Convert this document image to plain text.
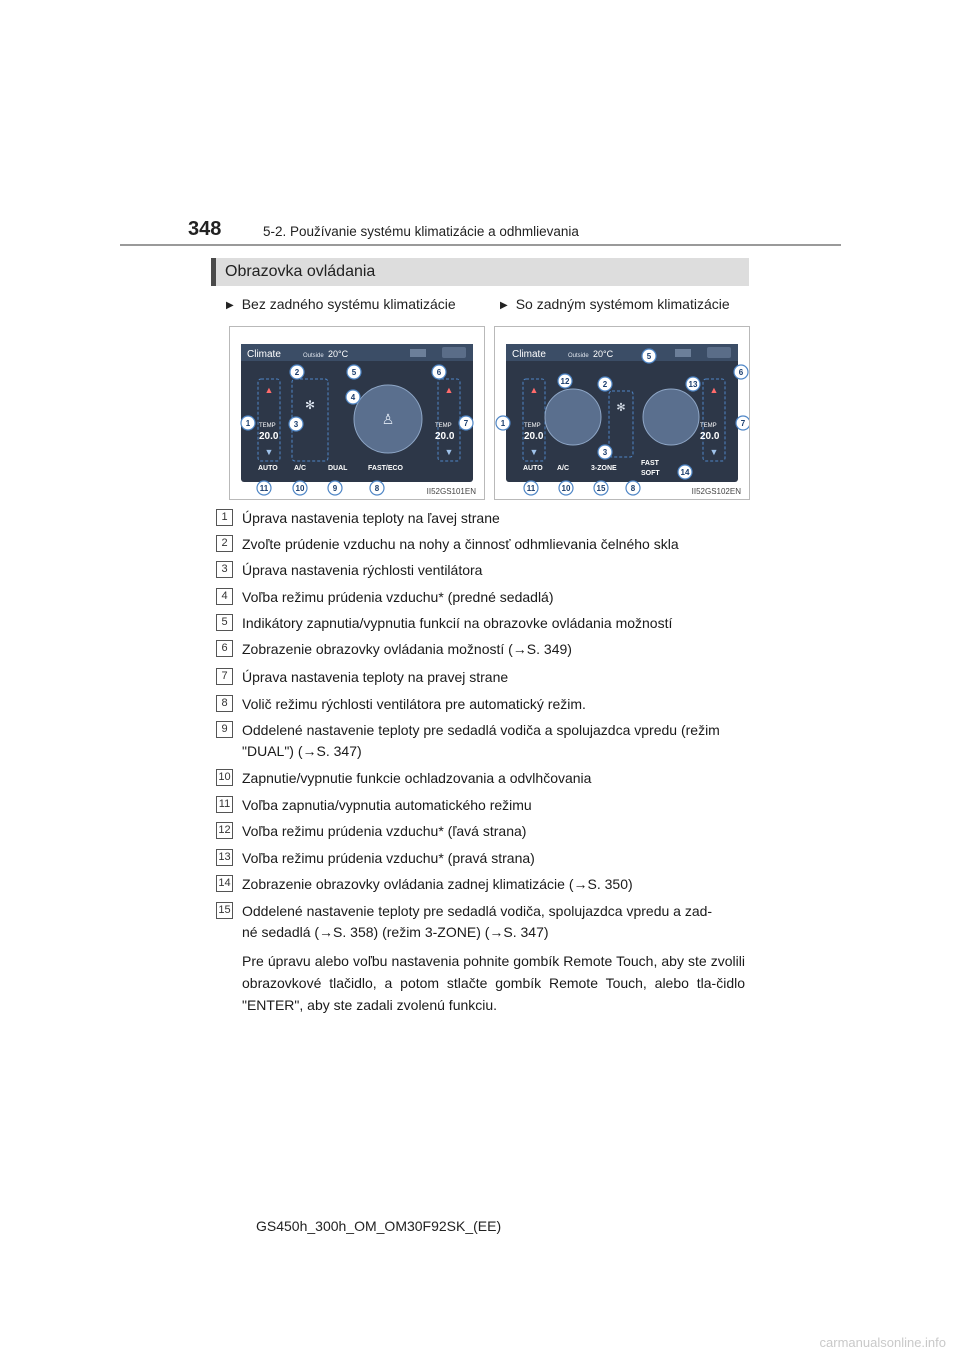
348	5-2. Používanie systému klimatizácie a odhmlievania
Obrazovka ovládania
▶ Bez zadného systému klimatizácie	▶ So zadným systémom klimatizácie
Climate	Outside 20°C
▲
▼
▲
▼
TEMP
20.0
TEMP
20.0
✻
♙
AUTO A/C	DUAL	FAST/ECO
1
2
3
4
5	6
7
8
9
10
11	II52GS101EN
Climate	Outside 20°C
▲
▼
▲
▼
TEMP
20.0
TEMP
20.0
✻
AUTO A/C	3-ZONE
FAST
SOFT
1
2
3
5
6
7
8
10
11
12	13
14
15	II52GS102EN
1	Úprava nastavenia teploty na ľavej strane
2	Zvoľte prúdenie vzduchu na nohy a činnosť odhmlievania čelného skla
3	Úprava nastavenia rýchlosti ventilátora
4	Voľba režimu prúdenia vzduchu* (predné sedadlá)
5	Indikátory zapnutia/vypnutia funkcií na obrazovke ovládania možností
6	Zobrazenie obrazovky ovládania možností (→S. 349)
7	Úprava nastavenia teploty na pravej strane
8	Volič režimu rýchlosti ventilátora pre automatický režim.
9	Oddelené nastavenie teploty pre sedadlá vodiča a spolujazdca vpredu (režim
"DUAL") (→S. 347)
10 Zapnutie/vypnutie funkcie ochladzovania a odvlhčovania
11 Voľba zapnutia/vypnutia automatického režimu
12 Voľba režimu prúdenia vzduchu* (ľavá strana)
13 Voľba režimu prúdenia vzduchu* (pravá strana)
14 Zobrazenie obrazovky ovládania zadnej klimatizácie (→S. 350)
15 Oddelené nastavenie teploty pre sedadlá vodiča, spolujazdca vpredu a zad-
né sedadlá (→S. 358) (režim 3-ZONE) (→S. 347)
Pre úpravu alebo voľbu nastavenia pohnite gombík Remote Touch, aby ste zvolili obrazovkové tlačidlo, a potom stlačte gombík Remote Touch, alebo tla-čidlo "ENTER", aby ste zadali zvolenú funkciu.
GS450h_300h_OM_OM30F92SK_(EE)
carmanualsonline.info
